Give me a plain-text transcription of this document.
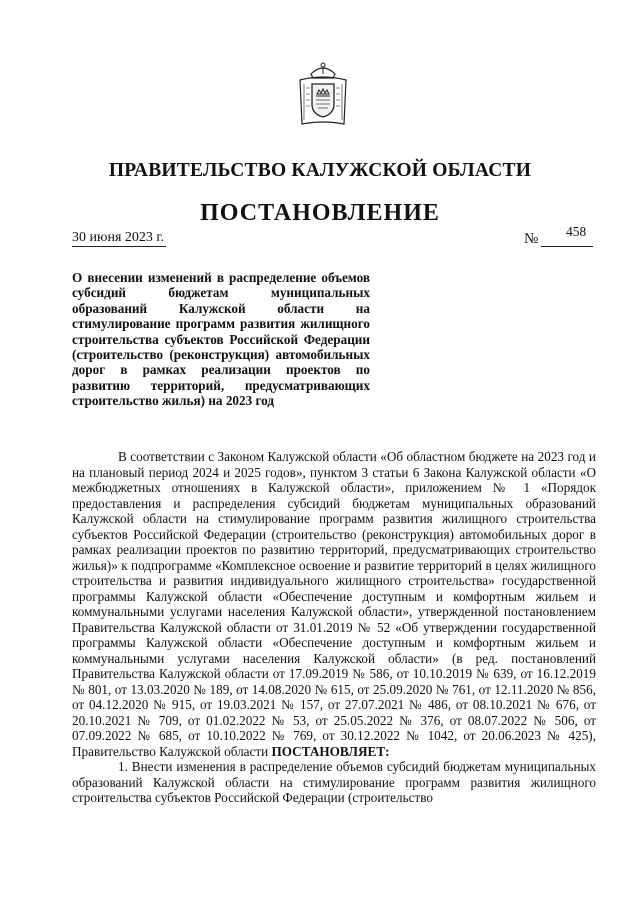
ПРАВИТЕЛЬСТВО КАЛУЖСКОЙ ОБЛАСТИ
ПОСТАНОВЛЕНИЕ
30 июня 2023 г.	№ 458
О внесении изменений в распределение объемов субсидий бюджетам муниципальных образований Калужской области на стимулирование программ развития жилищного строительства субъектов Российской Федерации (строительство (реконструкция) автомобильных дорог в рамках реализации проектов по развитию территорий, предусматривающих строительство жилья) на 2023 год

В соответствии с Законом Калужской области «Об областном бюджете на 2023 год и на плановый период 2024 и 2025 годов», пунктом 3 статьи 6 Закона Калужской области «О межбюджетных отношениях в Калужской области», приложением № 1 «Порядок предоставления и распределения субсидий бюджетам муниципальных образований Калужской области на стимулирование программ развития жилищного строительства субъектов Российской Федерации (строительство (реконструкция) автомобильных дорог в рамках реализации проектов по развитию территорий, предусматривающих строительство жилья)» к подпрограмме «Комплексное освоение и развитие территорий в целях жилищного строительства и развития индивидуального жилищного строительства» государственной программы Калужской области «Обеспечение доступным и комфортным жильем и коммунальными услугами населения Калужской области», утвержденной постановлением Правительства Калужской области от 31.01.2019 № 52 «Об утверждении государственной программы Калужской области «Обеспечение доступным и комфортным жильем и коммунальными услугами населения Калужской области» (в ред. постановлений Правительства Калужской области от 17.09.2019 № 586, от 10.10.2019 № 639, от 16.12.2019 № 801, от 13.03.2020 № 189, от 14.08.2020 № 615, от 25.09.2020 № 761, от 12.11.2020 № 856, от 04.12.2020 № 915, от 19.03.2021 № 157, от 27.07.2021 № 486, от 08.10.2021 № 676, от 20.10.2021 № 709, от 01.02.2022 № 53, от 25.05.2022 № 376, от 08.07.2022 № 506, от 07.09.2022 № 685, от 10.10.2022 № 769, от 30.12.2022 № 1042, от 20.06.2023 № 425), Правительство Калужской области ПОСТАНОВЛЯЕТ:

1. Внести изменения в распределение объемов субсидий бюджетам муниципальных образований Калужской области на стимулирование программ развития жилищного строительства субъектов Российской Федерации (строительство
